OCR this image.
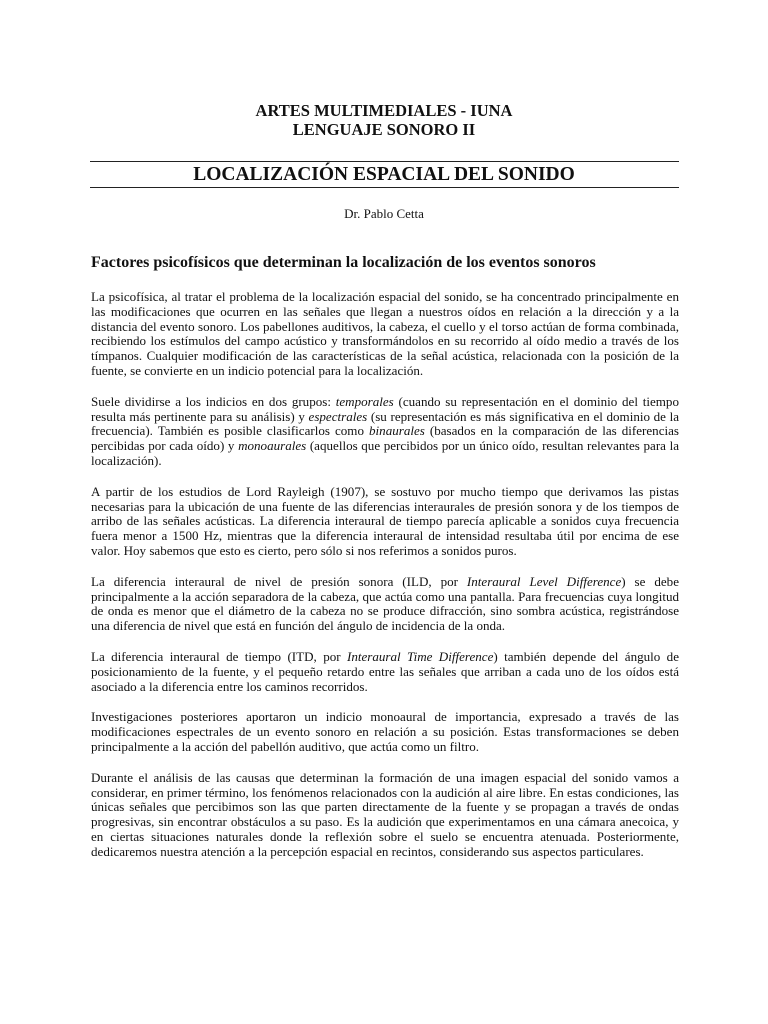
ARTES MULTIMEDIALES - IUNA
LENGUAJE SONORO II
LOCALIZACIÓN ESPACIAL DEL SONIDO
Dr. Pablo Cetta
Factores psicofísicos que determinan la localización de los eventos sonoros

La psicofísica, al tratar el problema de la localización espacial del sonido, se ha concentrado principalmente en las modificaciones que ocurren en las señales que llegan a nuestros oídos en relación a la dirección y a la distancia del evento sonoro. Los pabellones auditivos, la cabeza, el cuello y el torso actúan de forma combinada, recibiendo los estímulos del campo acústico y transformándolos en su recorrido al oído medio a través de los tímpanos. Cualquier modificación de las características de la señal acústica, relacionada con la posición de la fuente, se convierte en un indicio potencial para la localización.

Suele dividirse a los indicios en dos grupos: temporales (cuando su representación en el dominio del tiempo resulta más pertinente para su análisis) y espectrales (su representación es más significativa en el dominio de la frecuencia). También es posible clasificarlos como binaurales (basados en la comparación de las diferencias percibidas por cada oído) y monoaurales (aquellos que percibidos por un único oído, resultan relevantes para la localización).

A partir de los estudios de Lord Rayleigh (1907), se sostuvo por mucho tiempo que derivamos las pistas necesarias para la ubicación de una fuente de las diferencias interaurales de presión sonora y de los tiempos de arribo de las señales acústicas. La diferencia interaural de tiempo parecía aplicable a sonidos cuya frecuencia fuera menor a 1500 Hz, mientras que la diferencia interaural de intensidad resultaba útil por encima de ese valor. Hoy sabemos que esto es cierto, pero sólo si nos referimos a sonidos puros.

La diferencia interaural de nivel de presión sonora (ILD, por Interaural Level Difference) se debe principalmente a la acción separadora de la cabeza, que actúa como una pantalla. Para frecuencias cuya longitud de onda es menor que el diámetro de la cabeza no se produce difracción, sino sombra acústica, registrándose una diferencia de nivel que está en función del ángulo de incidencia de la onda.

La diferencia interaural de tiempo (ITD, por Interaural Time Difference) también depende del ángulo de posicionamiento de la fuente, y el pequeño retardo entre las señales que arriban a cada uno de los oídos está asociado a la diferencia entre los caminos recorridos.

Investigaciones posteriores aportaron un indicio monoaural de importancia, expresado a través de las modificaciones espectrales de un evento sonoro en relación a su posición. Estas transformaciones se deben principalmente a la acción del pabellón auditivo, que actúa como un filtro.

Durante el análisis de las causas que determinan la formación de una imagen espacial del sonido vamos a considerar, en primer término, los fenómenos relacionados con la audición al aire libre. En estas condiciones, las únicas señales que percibimos son las que parten directamente de la fuente y se propagan a través de ondas progresivas, sin encontrar obstáculos a su paso. Es la audición que experimentamos en una cámara anecoica, y en ciertas situaciones naturales donde la reflexión sobre el suelo se encuentra atenuada. Posteriormente, dedicaremos nuestra atención a la percepción espacial en recintos, considerando sus aspectos particulares.
